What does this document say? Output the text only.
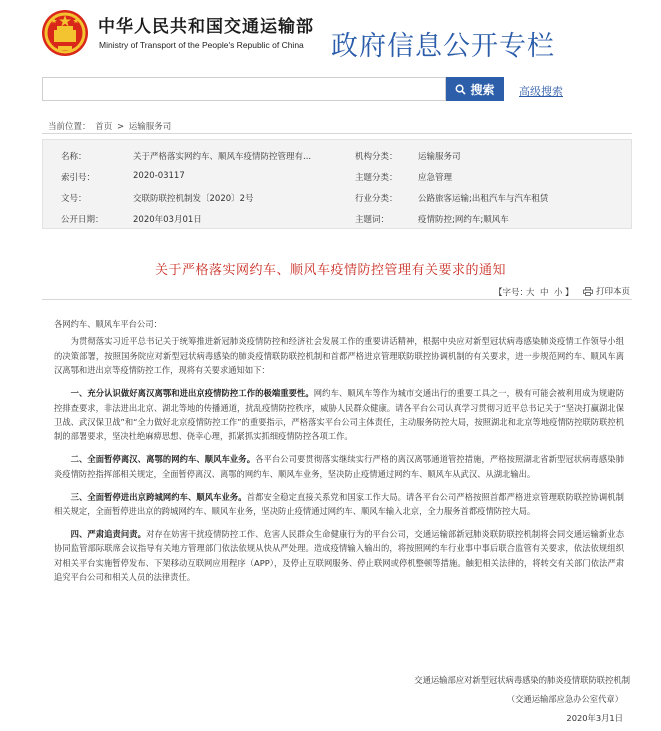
中华人民共和国交通运输部
Ministry of Transport of the People's Republic of China 政府信息公开专栏
搜索 高级搜索
当前位置： 首页 > 运输服务司
名称：	关于严格落实网约车、顺风车疫情防控管理有...	机构分类： 运输服务司
索引号：	2020-03117	主题分类： 应急管理
文号：	交联防联控机制发〔2020〕2号	行业分类： 公路旅客运输;出租汽车与汽车租赁
公开日期：	2020年03月01日	主题词：	疫情防控;网约车;顺风车
关于严格落实网约车、顺风车疫情防控管理有关要求的通知
【字号：
大 中 小 】	打印本页

各网约车、顺风车平台公司：

为贯彻落实习近平总书记关于统筹推进新冠肺炎疫情防控和经济社会发展工作的重要讲话精神，根据中央应对新型冠状病毒感染肺炎疫情工作领导小组的决策部署，按照国务院应对新型冠状病毒感染的肺炎疫情联防联控机制和首都严格进京管理联防联控协调机制的有关要求，进一步规范网约车、顺风车离汉离鄂和进出京等疫情防控工作，现将有关要求通知如下：

一、充分认识做好离汉离鄂和进出京疫情防控工作的极端重要性。网约车、顺风车等作为城市交通出行的重要工具之一，极有可能会被利用成为规避防控排查要求，非法进出北京、湖北等地的传播通道，扰乱疫情防控秩序，威胁人民群众健康。请各平台公司认真学习贯彻习近平总书记关于“坚决打赢湖北保卫战、武汉保卫战”和“全力做好北京疫情防控工作”的重要指示，严格落实平台公司主体责任，主动服务防控大局，按照湖北和北京等地疫情防控联防联控机制的部署要求，坚决杜绝麻痹思想、侥幸心理，抓紧抓实抓细疫情防控各项工作。

二、全面暂停离汉、离鄂的网约车、顺风车业务。各平台公司要贯彻落实继续实行严格的离汉离鄂通道管控措施，严格按照湖北省新型冠状病毒感染肺炎疫情防控指挥部相关规定，全面暂停离汉、离鄂的网约车、顺风车业务，坚决防止疫情通过网约车、顺风车从武汉、从湖北输出。

三、全面暂停进出京跨城网约车、顺风车业务。首都安全稳定直接关系党和国家工作大局。请各平台公司严格按照首都严格进京管理联防联控协调机制相关规定，全面暂停进出京的跨城网约车、顺风车业务，坚决防止疫情通过网约车、顺风车输入北京，全力服务首都疫情防控大局。

四、严肃追责问责。对存在妨害干扰疫情防控工作、危害人民群众生命健康行为的平台公司，交通运输部新冠肺炎联防联控机制将会同交通运输新业态协同监管部际联席会议指导有关地方管理部门依法依规从快从严处理。造成疫情输入输出的，将按照网约车行业事中事后联合监管有关要求，依法依规组织对相关平台实施暂停发布、下架移动互联网应用程序（APP），及停止互联网服务、停止联网或停机整顿等措施。触犯相关法律的，将转交有关部门依法严肃追究平台公司和相关人员的法律责任。

交通运输部应对新型冠状病毒感染的肺炎疫情联防联控机制
（交通运输部应急办公室代章）
2020年3月1日
